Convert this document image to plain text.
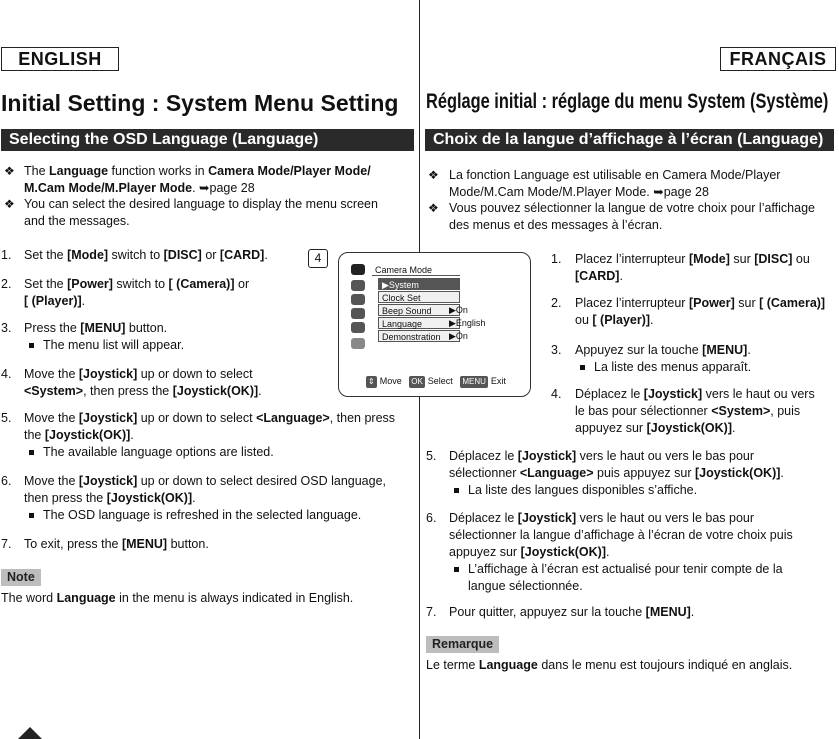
ENGLISH	FRANÇAIS
Initial Setting : System Menu Setting Réglage initial : réglage du menu System (Système)
Selecting the OSD Language (Language)	Choix de la langue d’affichage à l’écran (Language)
❖ The Language function works in Camera Mode/Player Mode/
M.Cam Mode/M.Player Mode. ➥page 28
❖ You can select the desired language to display the menu screen
and the messages.
1. Set the [Mode] switch to [DISC] or [CARD].
2. Set the [Power] switch to [ (Camera)] or
[ (Player)].
3. Press the [MENU] button.
The menu list will appear.
4. Move the [Joystick] up or down to select
<System>, then press the [Joystick(OK)].
5. Move the [Joystick] up or down to select <Language>, then press
the [Joystick(OK)].
The available language options are listed.
6. Move the [Joystick] up or down to select desired OSD language,
then press the [Joystick(OK)].
The OSD language is refreshed in the selected language.
7. To exit, press the [MENU] button.
Note
The word Language in the menu is always indicated in English.
4
Camera Mode
▶System
Clock Set
Beep Sound
Language
Demonstration
▶On
▶English
▶On
⇕ Move OK Select MENU Exit
❖ La fonction Language est utilisable en Camera Mode/Player
Mode/M.Cam Mode/M.Player Mode. ➥page 28
❖ Vous pouvez sélectionner la langue de votre choix pour l’affichage
des menus et des messages à l’écran.
1. Placez l’interrupteur [Mode] sur [DISC] ou
[CARD].
2. Placez l’interrupteur [Power] sur [ (Camera)]
ou [ (Player)].
3. Appuyez sur la touche [MENU].
La liste des menus apparaît.
4. Déplacez le [Joystick] vers le haut ou vers
le bas pour sélectionner <System>, puis
appuyez sur [Joystick(OK)].
5. Déplacez le [Joystick] vers le haut ou vers le bas pour
sélectionner <Language> puis appuyez sur [Joystick(OK)].
La liste des langues disponibles s’affiche.
6. Déplacez le [Joystick] vers le haut ou vers le bas pour
sélectionner la langue d’affichage à l’écran de votre choix puis
appuyez sur [Joystick(OK)].
L’affichage à l’écran est actualisé pour tenir compte de la
langue sélectionnée.
7. Pour quitter, appuyez sur la touche [MENU].
Remarque
Le terme Language dans le menu est toujours indiqué en anglais.
